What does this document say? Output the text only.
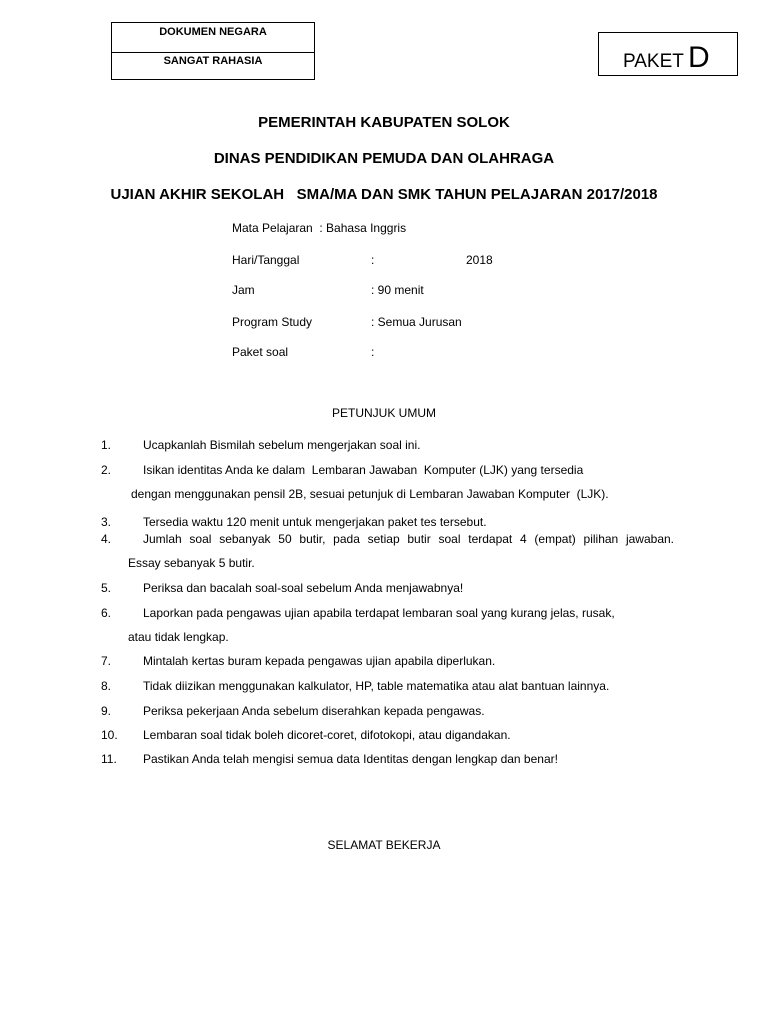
DOKUMEN NEGARA
SANGAT RAHASIA	PAKET D
PEMERINTAH KABUPATEN SOLOK
DINAS PENDIDIKAN PEMUDA DAN OLAHRAGA
UJIAN AKHIR SEKOLAH   SMA/MA DAN SMK TAHUN PELAJARAN 2017/2018
Mata Pelajaran  : Bahasa Inggris
Hari/Tanggal	:	2018
Jam	: 90 menit
Program Study	: Semua Jurusan
Paket soal	:
PETUNJUK UMUM
1.	Ucapkanlah Bismilah sebelum mengerjakan soal ini.
2.	Isikan identitas Anda ke dalam  Lembaran Jawaban  Komputer (LJK) yang tersedia
dengan menggunakan pensil 2B, sesuai petunjuk di Lembaran Jawaban Komputer  (LJK).
3.	Tersedia waktu 120 menit untuk mengerjakan paket tes tersebut.
4.	Jumlah soal sebanyak 50 butir, pada setiap butir soal terdapat 4 (empat) pilihan jawaban.
Essay sebanyak 5 butir.
5.	Periksa dan bacalah soal-soal sebelum Anda menjawabnya!
6.	Laporkan pada pengawas ujian apabila terdapat lembaran soal yang kurang jelas, rusak,
atau tidak lengkap.
7.	Mintalah kertas buram kepada pengawas ujian apabila diperlukan.
8.	Tidak diizikan menggunakan kalkulator, HP, table matematika atau alat bantuan lainnya.
9.	Periksa pekerjaan Anda sebelum diserahkan kepada pengawas.
10. Lembaran soal tidak boleh dicoret-coret, difotokopi, atau digandakan.
11. Pastikan Anda telah mengisi semua data Identitas dengan lengkap dan benar!
SELAMAT BEKERJA
